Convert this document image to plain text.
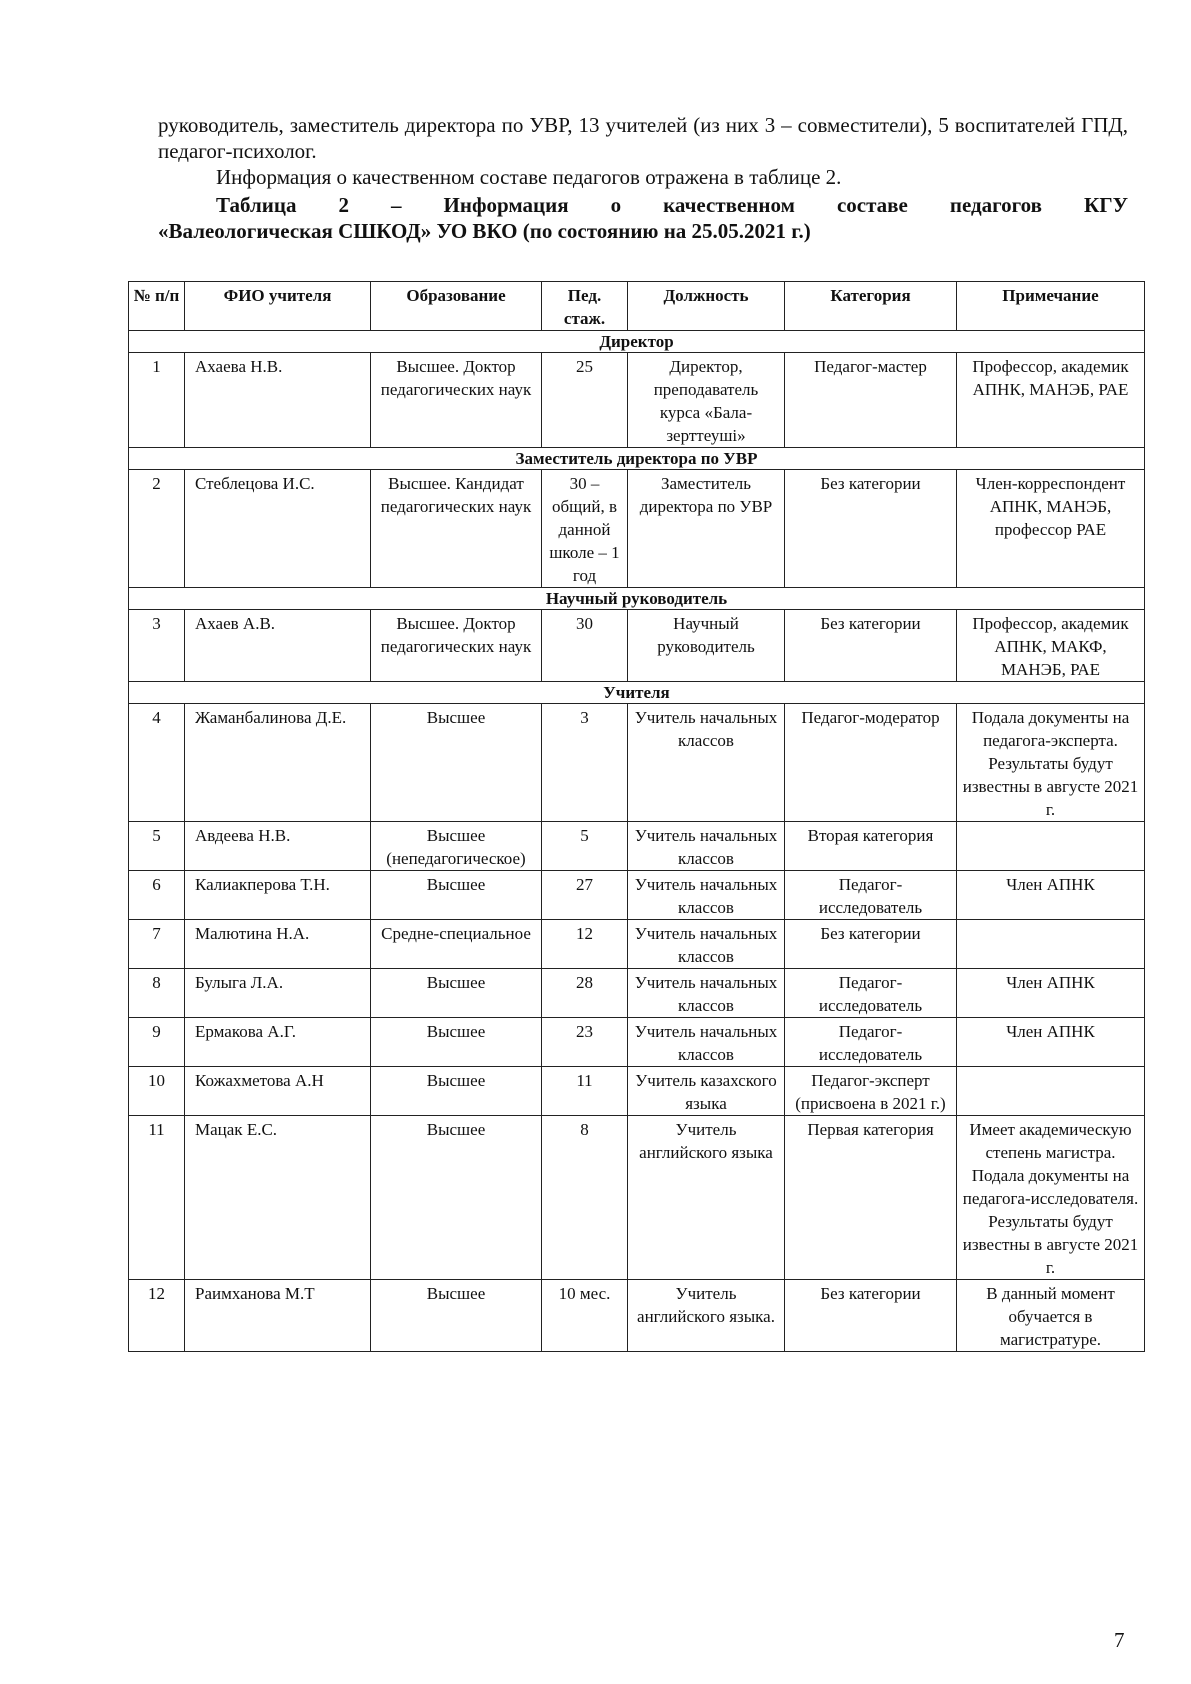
руководитель, заместитель директора по УВР, 13 учителей (из них 3 – совместители), 5 воспитателей ГПД, педагог-психолог.

Информация о качественном составе педагогов отражена в таблице 2.

Таблица 2 – Информация о качественном составе педагогов КГУ

«Валеологическая СШКОД» УО ВКО (по состоянию на 25.05.2021 г.)

№ п/п	ФИО учителя	Образование	Пед. стаж.	Должность	Категория	Примечание
Директор						
1	Ахаева Н.В.	Высшее. Доктор педагогических наук	25	Директор, преподаватель курса «Бала-зерттеушi»	Педагог-мастер	Профессор, академик АПНК, МАНЭБ, РАЕ
Заместитель директора по УВР						
2	Стеблецова И.С.	Высшее. Кандидат педагогических наук	30 – общий, в данной школе – 1 год	Заместитель директора по УВР	Без категории	Член-корреспондент АПНК, МАНЭБ, профессор РАЕ
Научный руководитель						
3	Ахаев А.В.	Высшее. Доктор педагогических наук	30	Научный руководитель	Без категории	Профессор, академик АПНК, МАКФ, МАНЭБ, РАЕ
Учителя						
4	Жаманбалинова Д.Е.	Высшее	3	Учитель начальных классов	Педагог-модератор	Подала документы на педагога-эксперта. Результаты будут известны в августе 2021 г.
5	Авдеева Н.В.	Высшее (непедагогическое)	5	Учитель начальных классов	Вторая категория	
6	Калиакперова Т.Н.	Высшее	27	Учитель начальных классов	Педагог-исследователь	Член АПНК
7	Малютина Н.А.	Средне-специальное	12	Учитель начальных классов	Без категории	
8	Булыга Л.А.	Высшее	28	Учитель начальных классов	Педагог-исследователь	Член АПНК
9	Ермакова А.Г.	Высшее	23	Учитель начальных классов	Педагог-исследователь	Член АПНК
10	Кожахметова А.Н	Высшее	11	Учитель казахского языка	Педагог-эксперт (присвоена в 2021 г.)	
11	Мацак Е.С.	Высшее	8	Учитель английского языка	Первая категория	Имеет академическую степень магистра. Подала документы на педагога-исследователя. Результаты будут известны в августе 2021 г.
12	Раимханова М.Т	Высшее	10 мес.	Учитель английского языка.	Без категории	В данный момент обучается в магистратуре.
7
